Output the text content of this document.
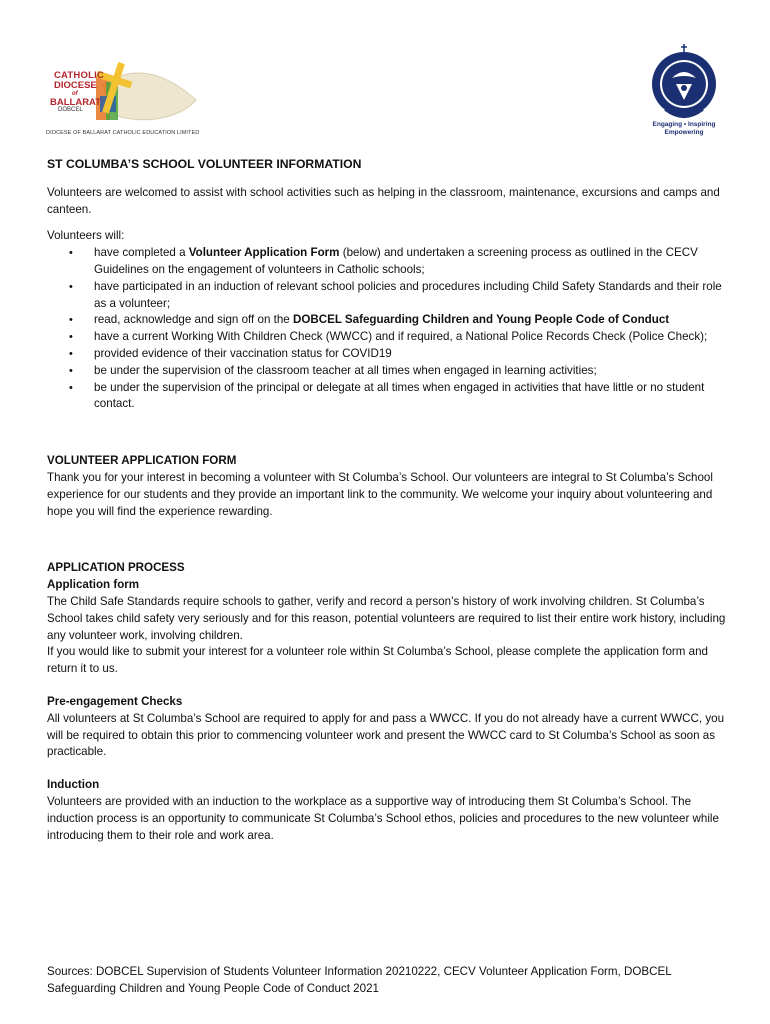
CATHOLIC
DIOCESE
of
BALLARAT
DOBCEL
DIOCESE OF BALLARAT CATHOLIC EDUCATION LIMITED
Engaging • Inspiring
Empowering
ST COLUMBA’S SCHOOL VOLUNTEER INFORMATION

Volunteers are welcomed to assist with school activities such as helping in the classroom, maintenance, excursions and camps and canteen.

Volunteers will:

• have completed a Volunteer Application Form (below) and undertaken a screening process as outlined in the CECV Guidelines on the engagement of volunteers in Catholic schools;
• have participated in an induction of relevant school policies and procedures including Child Safety Standards and their role as a volunteer;
• read, acknowledge and sign off on the DOBCEL Safeguarding Children and Young People Code of Conduct
• have a current Working With Children Check (WWCC) and if required, a National Police Records Check (Police Check);
• provided evidence of their vaccination status for COVID19
• be under the supervision of the classroom teacher at all times when engaged in learning activities;
• be under the supervision of the principal or delegate at all times when engaged in activities that have little or no student contact.

VOLUNTEER APPLICATION FORM

Thank you for your interest in becoming a volunteer with St Columba’s School. Our volunteers are integral to St Columba’s School experience for our students and they provide an important link to the community. We welcome your inquiry about volunteering and hope you will find the experience rewarding.

APPLICATION PROCESS

Application form

The Child Safe Standards require schools to gather, verify and record a person’s history of work involving children. St Columba’s School takes child safety very seriously and for this reason, potential volunteers are required to list their entire work history, including any volunteer work, involving children.

If you would like to submit your interest for a volunteer role within St Columba’s School, please complete the application form and return it to us.

Pre-engagement Checks

All volunteers at St Columba’s School are required to apply for and pass a WWCC. If you do not already have a current WWCC, you will be required to obtain this prior to commencing volunteer work and present the WWCC card to St Columba’s School as soon as practicable.

Induction

Volunteers are provided with an induction to the workplace as a supportive way of introducing them St Columba’s School. The induction process is an opportunity to communicate St Columba’s School ethos, policies and procedures to the new volunteer while introducing them to their role and work area.

Sources: DOBCEL Supervision of Students Volunteer Information 20210222, CECV Volunteer Application Form, DOBCEL Safeguarding Children and Young People Code of Conduct 2021
